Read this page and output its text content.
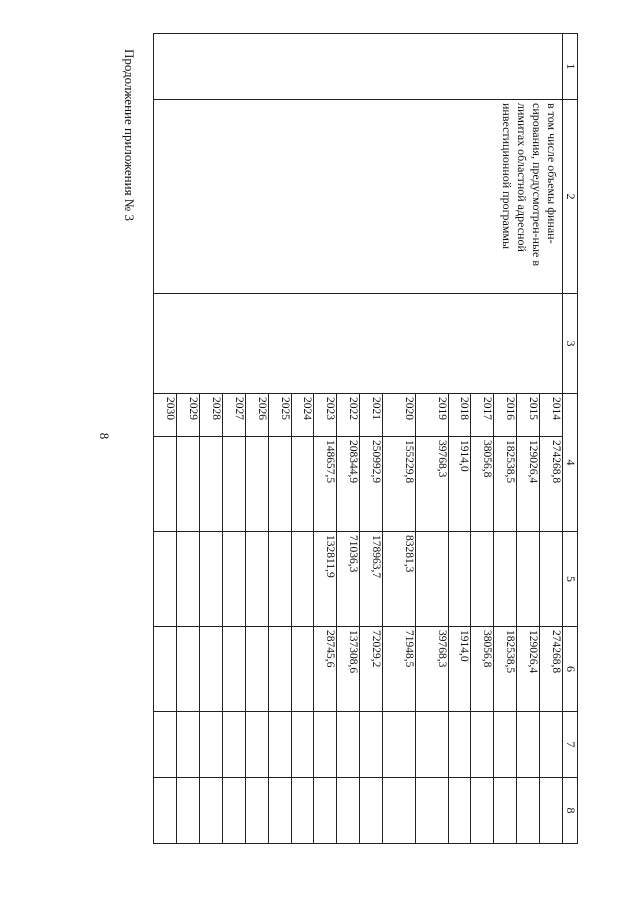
8
Продолжение приложения № 3	1	2	3	4		5	6	7	8	
	в том числе объемы финан-сирования, предусмотрен-ные в лимитах областной адресной инвестиционной программы		2014	274268,8		274268,8			
			2015	129026,4		129026,4			
			2016	182538,5		182538,5			
			2017	38056,8		38056,8			
			2018	1914,0		1914,0			
			2019	39768,3		39768,3			
			2020	155229,8	83281,3	71948,5			
			2021	250992,9	178963,7	72029,2			
			2022	208344,9	71036,3	137308,6			
			2023	148657,5	132811,9	28745,6			
			2024						
			2025						
			2026						
			2027						
			2028						
			2029						
			2030						
